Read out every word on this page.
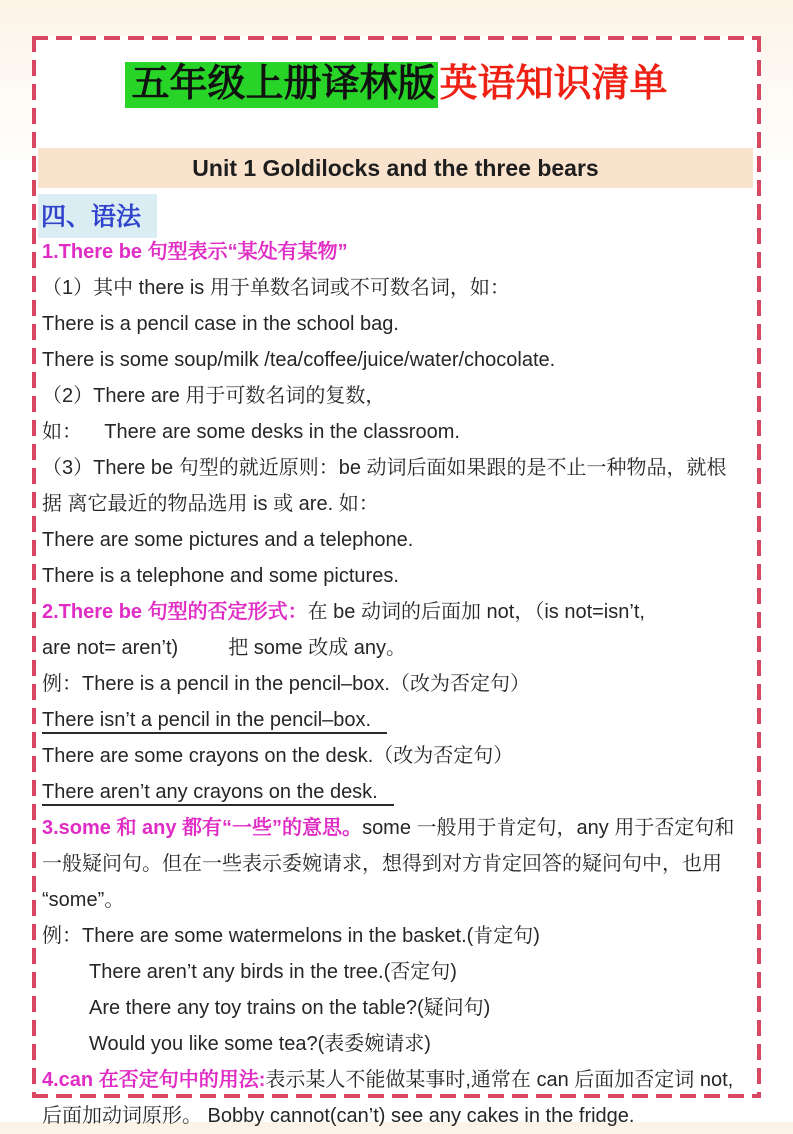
五年级上册译林版 英语知识清单
Unit 1 Goldilocks and the three bears
四、语法
1.There be 句型表示“某处有某物”
（1）其中 there is 用于单数名词或不可数名词，如：
There is a pencil case in the school bag.
There is some soup/milk /tea/coffee/juice/water/chocolate.
（2）There are 用于可数名词的复数，
如：    There are some desks in the classroom.
（3）There be 句型的就近原则：be 动词后面如果跟的是不止一种物品，就根
据 离它最近的物品选用 is 或 are. 如：
There are some pictures and a telephone.
There is a telephone and some pictures.
2.There be 句型的否定形式：在 be 动词的后面加 not，（is not=isn’t,
are not= aren’t)         把 some 改成 any。
例：There is a pencil in the pencil–box.（改为否定句）
There isn’t a pencil in the pencil–box.
There are some crayons on the desk.（改为否定句）
There aren’t any crayons on the desk.
3.some 和 any 都有“一些”的意思。some 一般用于肯定句，any 用于否定句和
一般疑问句。但在一些表示委婉请求，想得到对方肯定回答的疑问句中，也用
“some”。
例：There are some watermelons in the basket.(肯定句)
There aren’t any birds in the tree.(否定句)
Are there any toy trains on the table?(疑问句)
Would you like some tea?(表委婉请求)
4.can 在否定句中的用法:表示某人不能做某事时,通常在 can 后面加否定词 not,
后面加动词原形。 Bobby cannot(can’t) see any cakes in the fridge.
